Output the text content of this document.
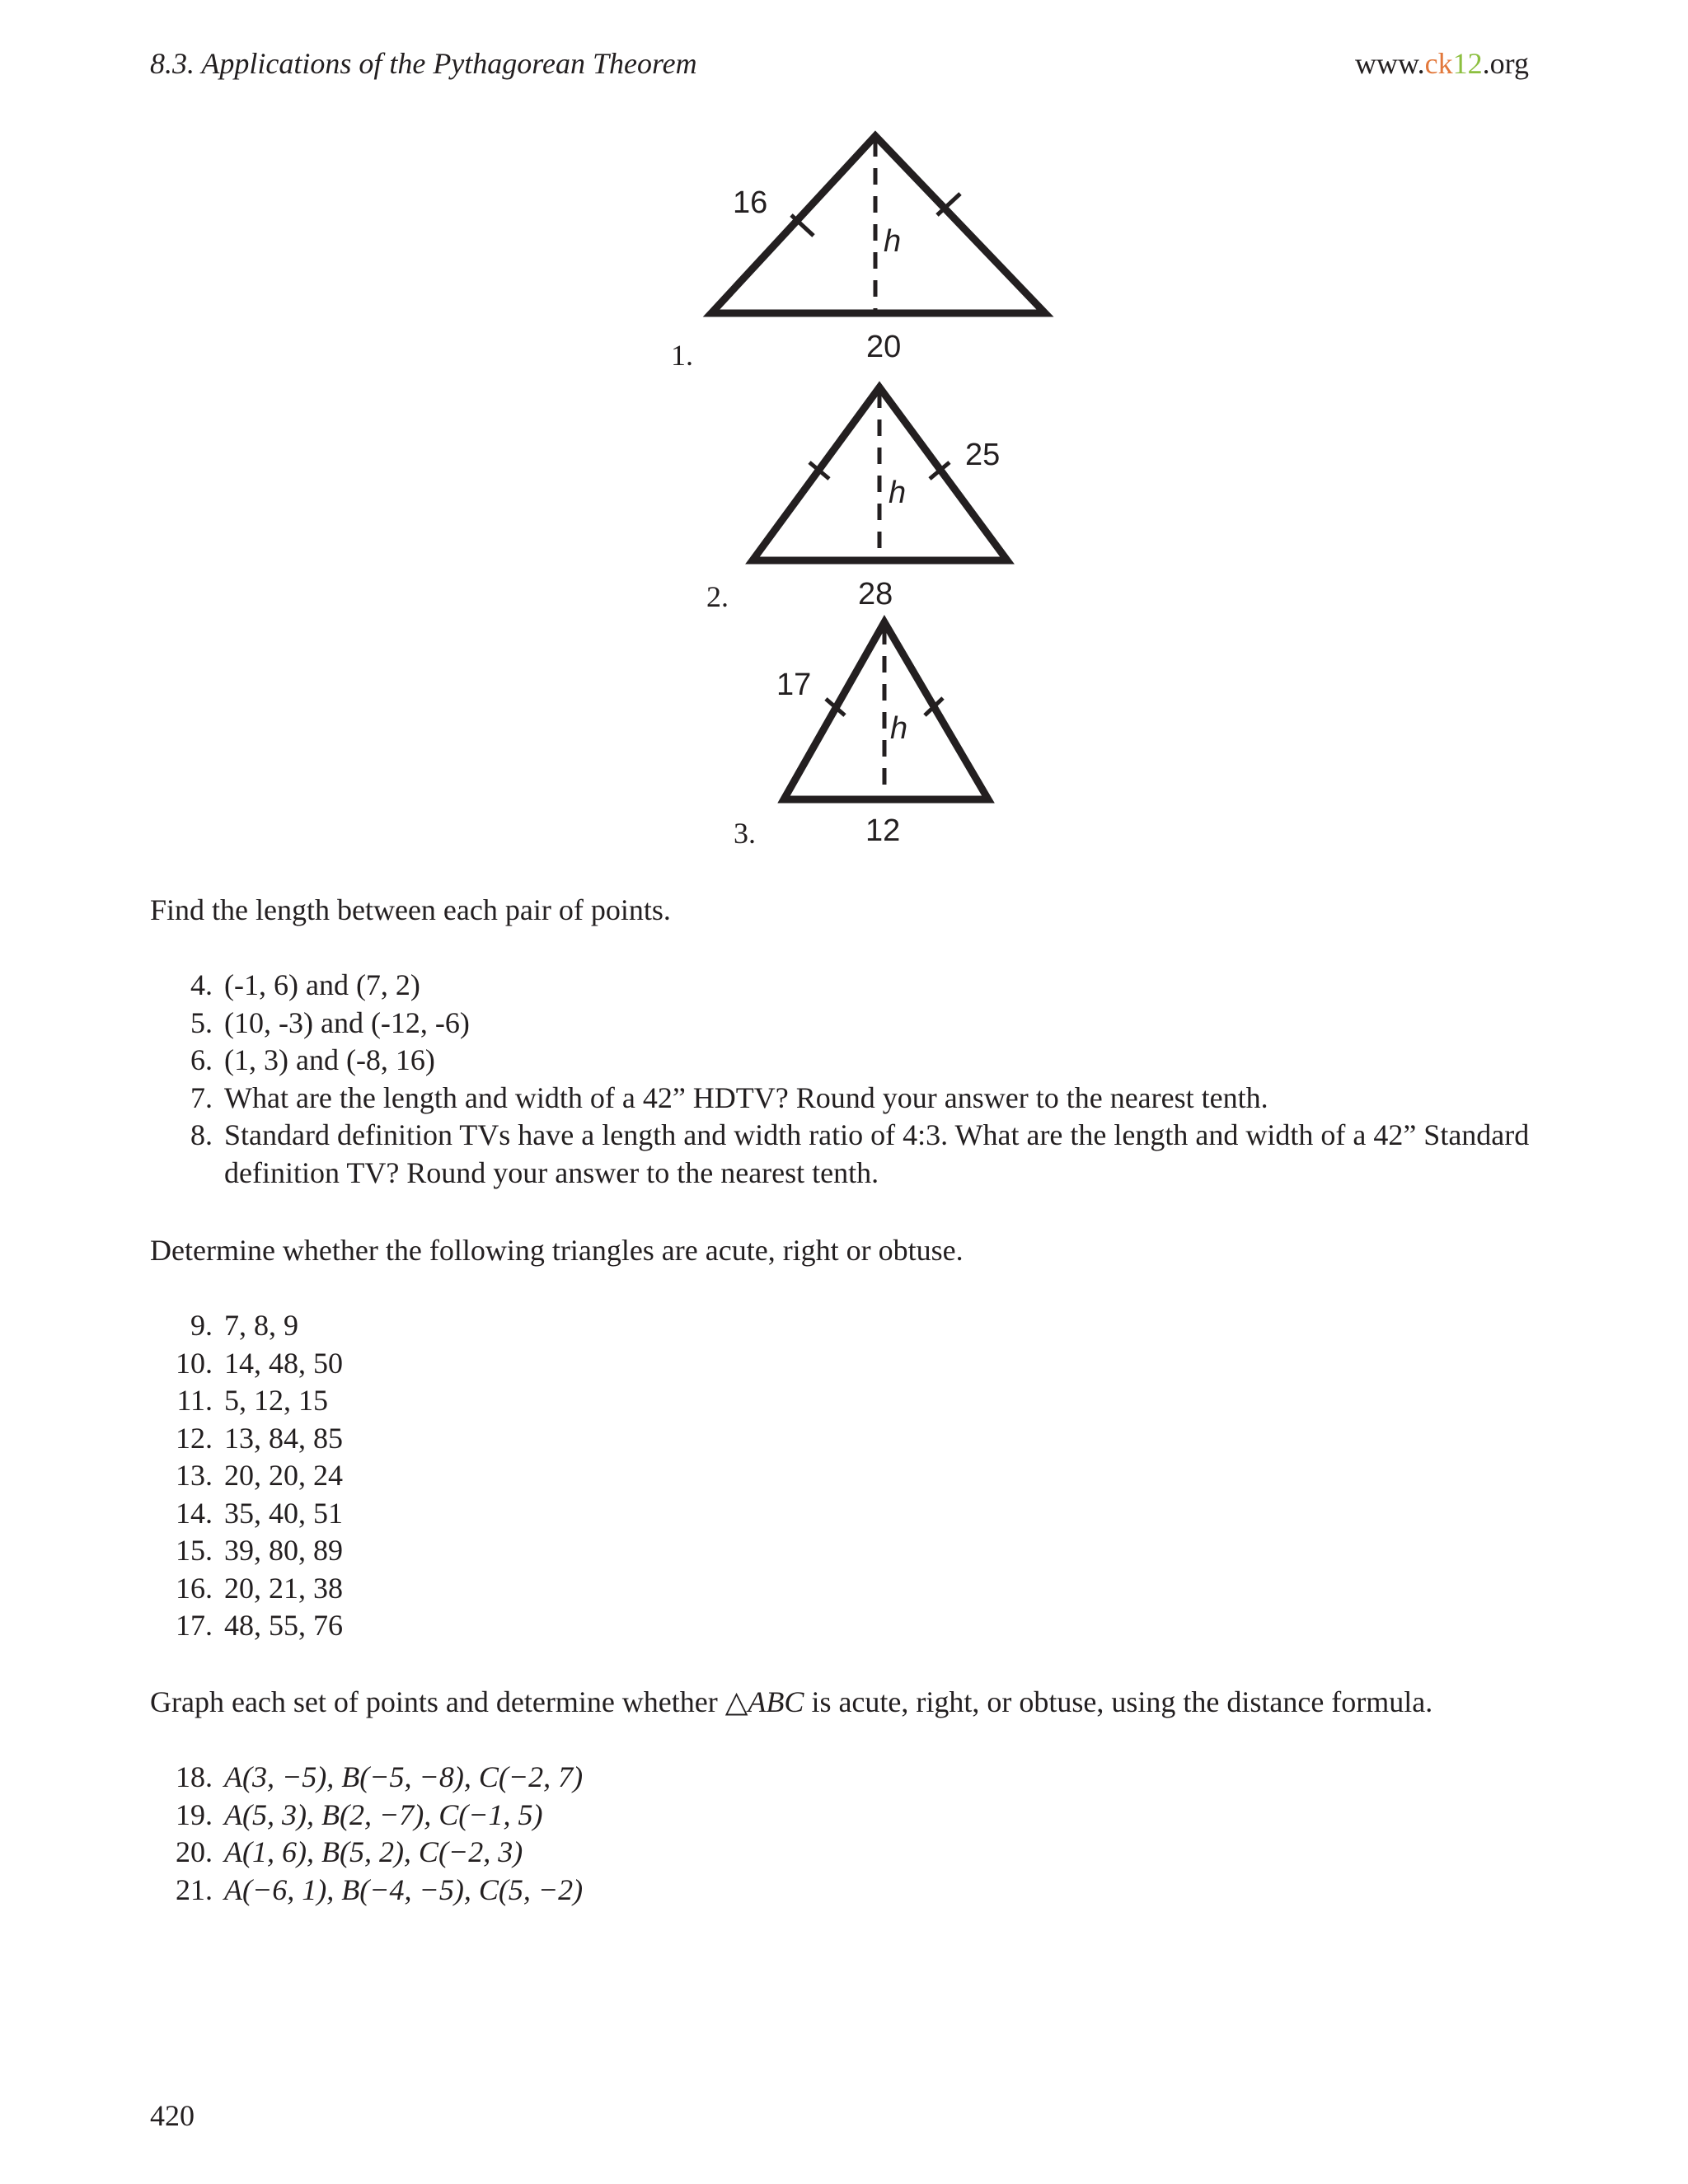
8.3. Applications of the Pythagorean Theorem	www.ck12.org
1.
16
h
20
2.
25
h
28
3.
17
h
12
Find the length between each pair of points.
4. (-1, 6) and (7, 2)
5. (10, -3) and (-12, -6)
6. (1, 3) and (-8, 16)
7. What are the length and width of a 42” HDTV? Round your answer to the nearest tenth.
8. Standard definition TVs have a length and width ratio of 4:3. What are the length and width of a 42” Standard definition TV? Round your answer to the nearest tenth.
Determine whether the following triangles are acute, right or obtuse.
9. 7, 8, 9
10. 14, 48, 50
11. 5, 12, 15
12. 13, 84, 85
13. 20, 20, 24
14. 35, 40, 51
15. 39, 80, 89
16. 20, 21, 38
17. 48, 55, 76
Graph each set of points and determine whether △ABC is acute, right, or obtuse, using the distance formula.
18. A(3, −5), B(−5, −8), C(−2, 7)
19. A(5, 3), B(2, −7), C(−1, 5)
20. A(1, 6), B(5, 2), C(−2, 3)
21. A(−6, 1), B(−4, −5), C(5, −2)
420
